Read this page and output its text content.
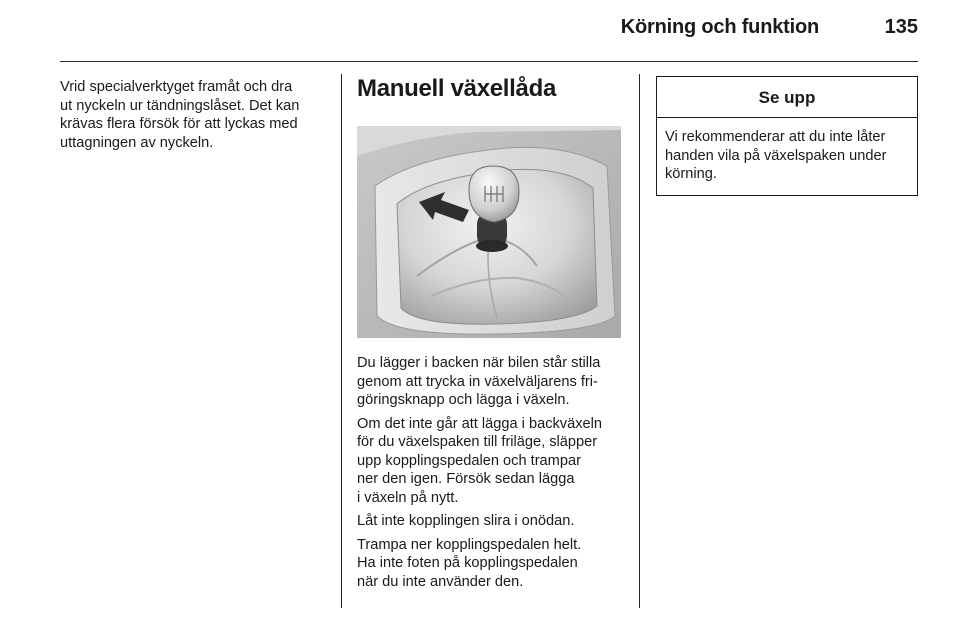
Körning och funktion	135

Vrid specialverktyget framåt och dra
ut nyckeln ur tändningslåset. Det kan
krävas flera försök för att lyckas med
uttagningen av nyckeln.

Manuell växellåda

Du lägger i backen när bilen står stilla
genom att trycka in växelväljarens fri-
göringsknapp och lägga i växeln.

Om det inte går att lägga i backväxeln
för du växelspaken till friläge, släpper
upp kopplingspedalen och trampar
ner den igen. Försök sedan lägga
i växeln på nytt.

Låt inte kopplingen slira i onödan.

Trampa ner kopplingspedalen helt.
Ha inte foten på kopplingspedalen
när du inte använder den.

Se upp

Vi rekommenderar att du inte låter
handen vila på växelspaken under
körning.
